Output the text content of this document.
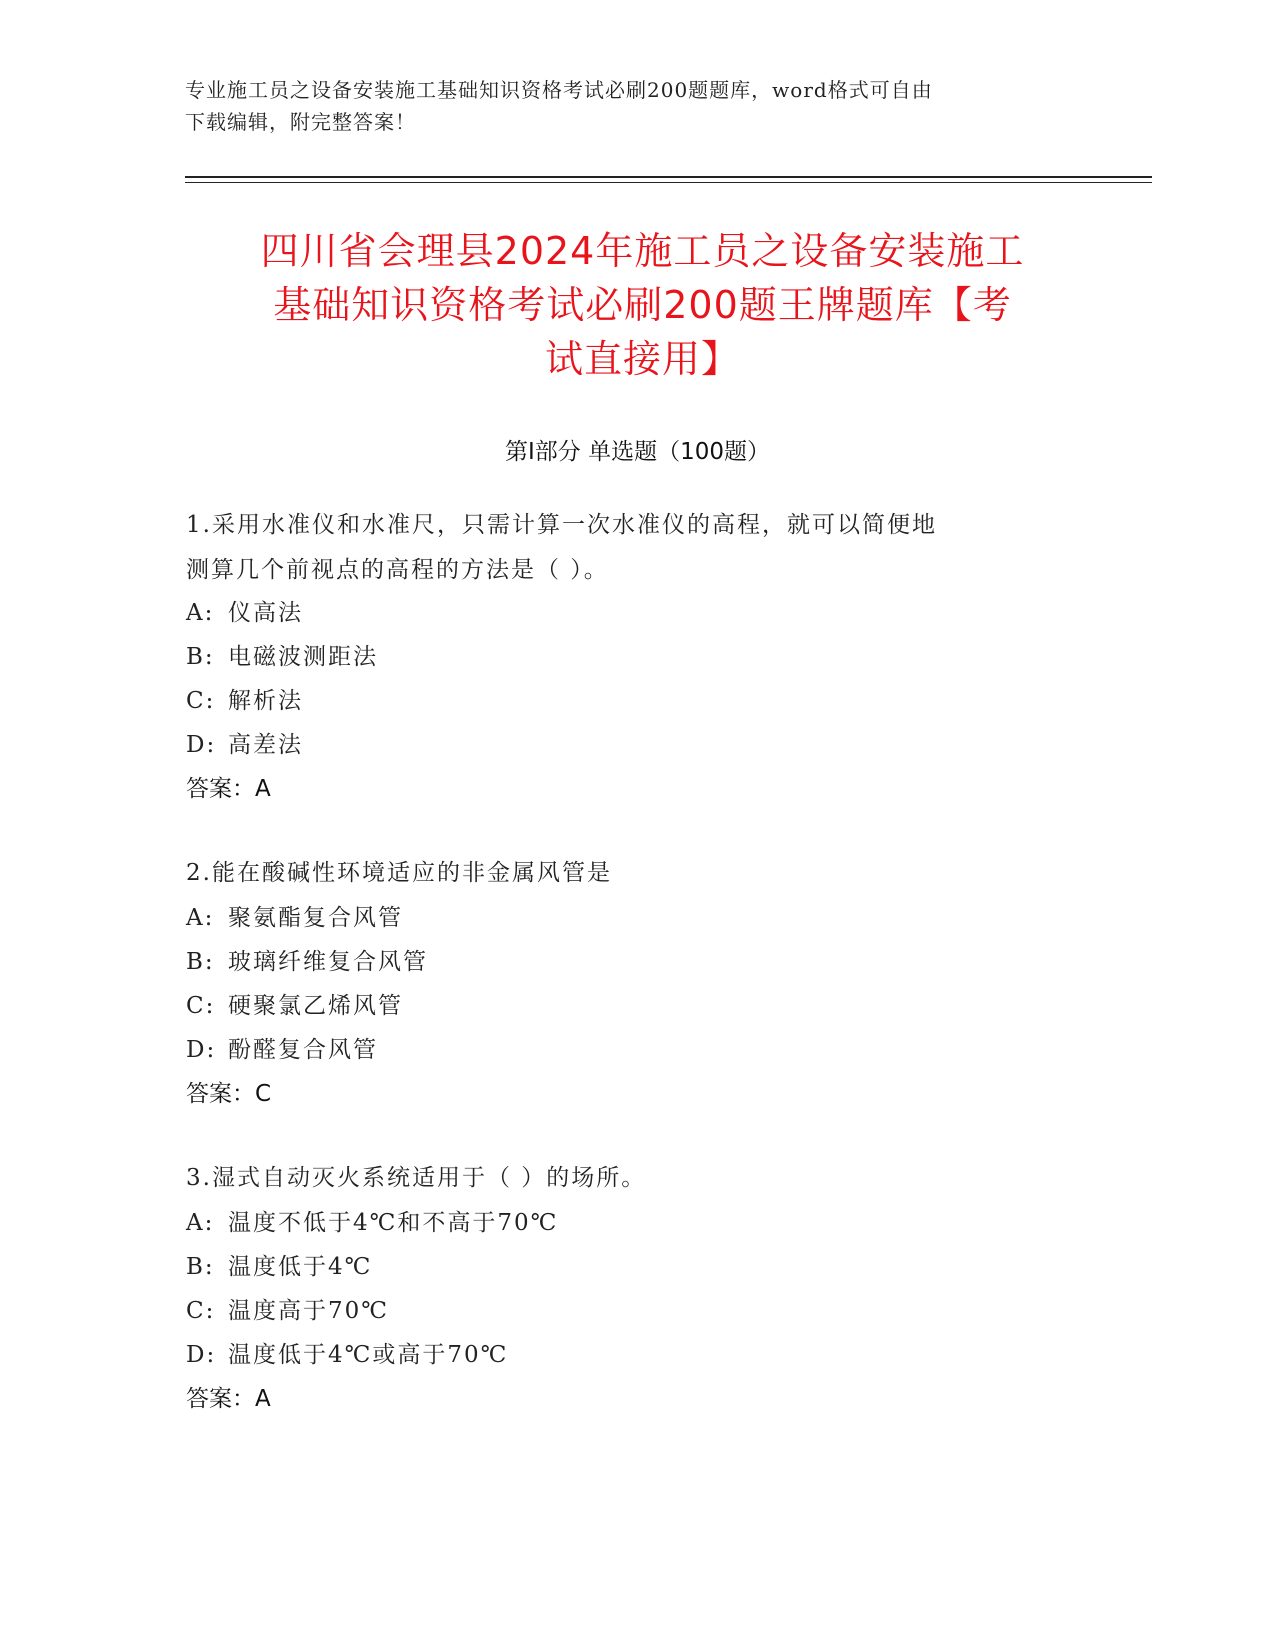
专业施工员之设备安装施工基础知识资格考试必刷200题题库，word格式可自由
下载编辑，附完整答案！
四川省会理县2024年施工员之设备安装施工
基础知识资格考试必刷200题王牌题库【考
试直接用】
第Ⅰ部分 单选题（100题）
1.采用水准仪和水准尺，只需计算一次水准仪的高程，就可以简便地
测算几个前视点的高程的方法是（ ）。
A: 仪高法
B: 电磁波测距法
C: 解析法
D: 高差法
答案：A
2.能在酸碱性环境适应的非金属风管是
A: 聚氨酯复合风管
B: 玻璃纤维复合风管
C: 硬聚氯乙烯风管
D: 酚醛复合风管
答案：C
3.湿式自动灭火系统适用于（ ）的场所。
A: 温度不低于4℃和不高于70℃
B: 温度低于4℃
C: 温度高于70℃
D: 温度低于4℃或高于70℃
答案：A
